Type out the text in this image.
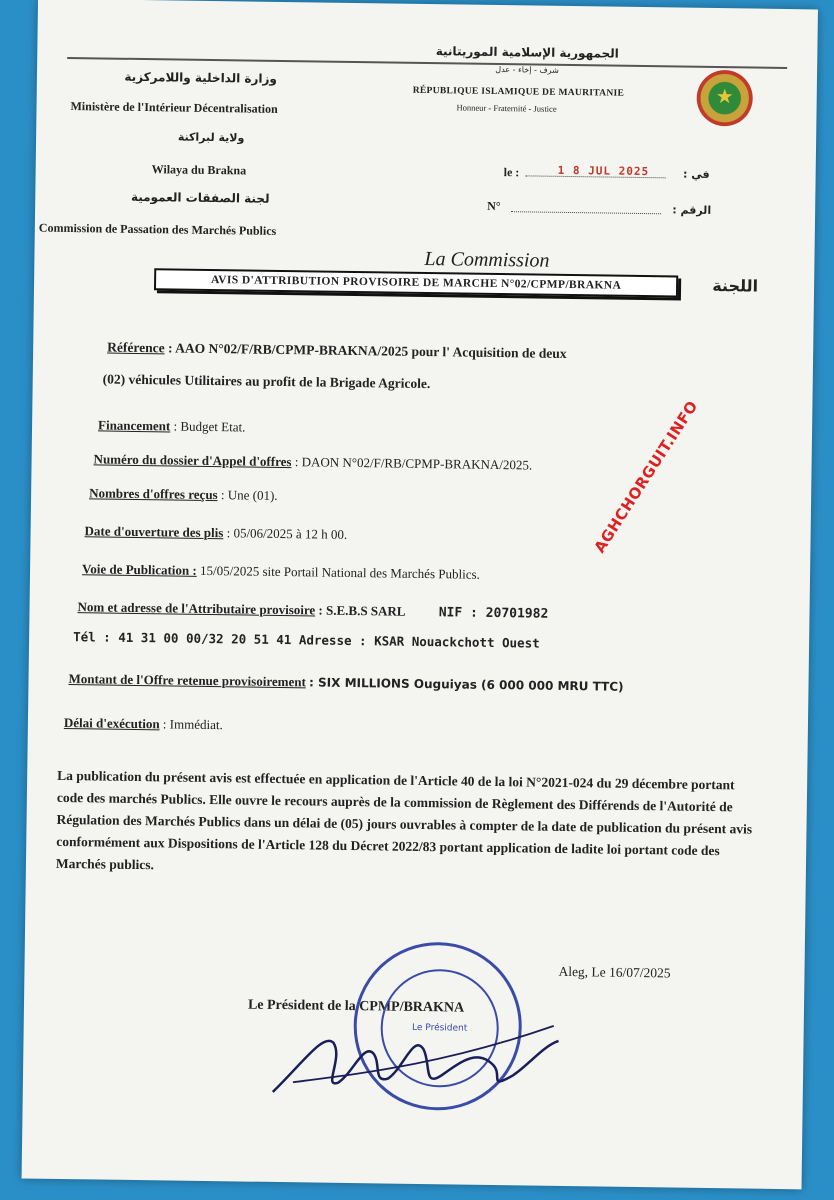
وزارة الداخلية واللامركزية
Ministère de l'Intérieur Décentralisation
ولاية لبراكنة
Wilaya du Brakna
لجنة الصفقات العمومية
Commission de Passation des Marchés Publics
الجمهورية الإسلامية الموريتانية
شرف - إخاء - عدل
RÉPUBLIQUE ISLAMIQUE DE MAURITANIE
Honneur - Fraternité - Justice	★
le :	1 8 JUL 2025	في :
N°	الرقم :
La Commission
اللجنة
AVIS D'ATTRIBUTION PROVISOIRE DE MARCHE N°02/CPMP/BRAKNA
Référence : AAO N°02/F/RB/CPMP-BRAKNA/2025 pour l' Acquisition de deux
(02) véhicules Utilitaires au profit de la Brigade Agricole.
Financement : Budget Etat.
Numéro du dossier d'Appel d'offres : DAON N°02/F/RB/CPMP-BRAKNA/2025.
Nombres d'offres reçus : Une (01).
Date d'ouverture des plis : 05/06/2025 à 12 h 00.
Voie de Publication : 15/05/2025 site Portail National des Marchés Publics.
Nom et adresse de l'Attributaire provisoire : S.E.B.S SARL	NIF : 20701982
Tél : 41 31 00 00/32 20 51 41 Adresse : KSAR Nouackchott Ouest
Montant de l'Offre retenue provisoirement : SIX MILLIONS Ouguiyas (6 000 000 MRU TTC)
Délai d'exécution : Immédiat.
La publication du présent avis est effectuée en application de l'Article 40 de la loi N°2021-024 du 29 décembre portant code des marchés Publics. Elle ouvre le recours auprès de la commission de Règlement des Différends de l'Autorité de Régulation des Marchés Publics dans un délai de (05) jours ouvrables à compter de la date de publication du présent avis conformément aux Dispositions de l'Article 128 du Décret 2022/83 portant application de ladite loi portant code des Marchés publics.
AGHCHORGUIT.INFO
Aleg, Le 16/07/2025
Le Président de la CPMP/BRAKNA
Le Président
